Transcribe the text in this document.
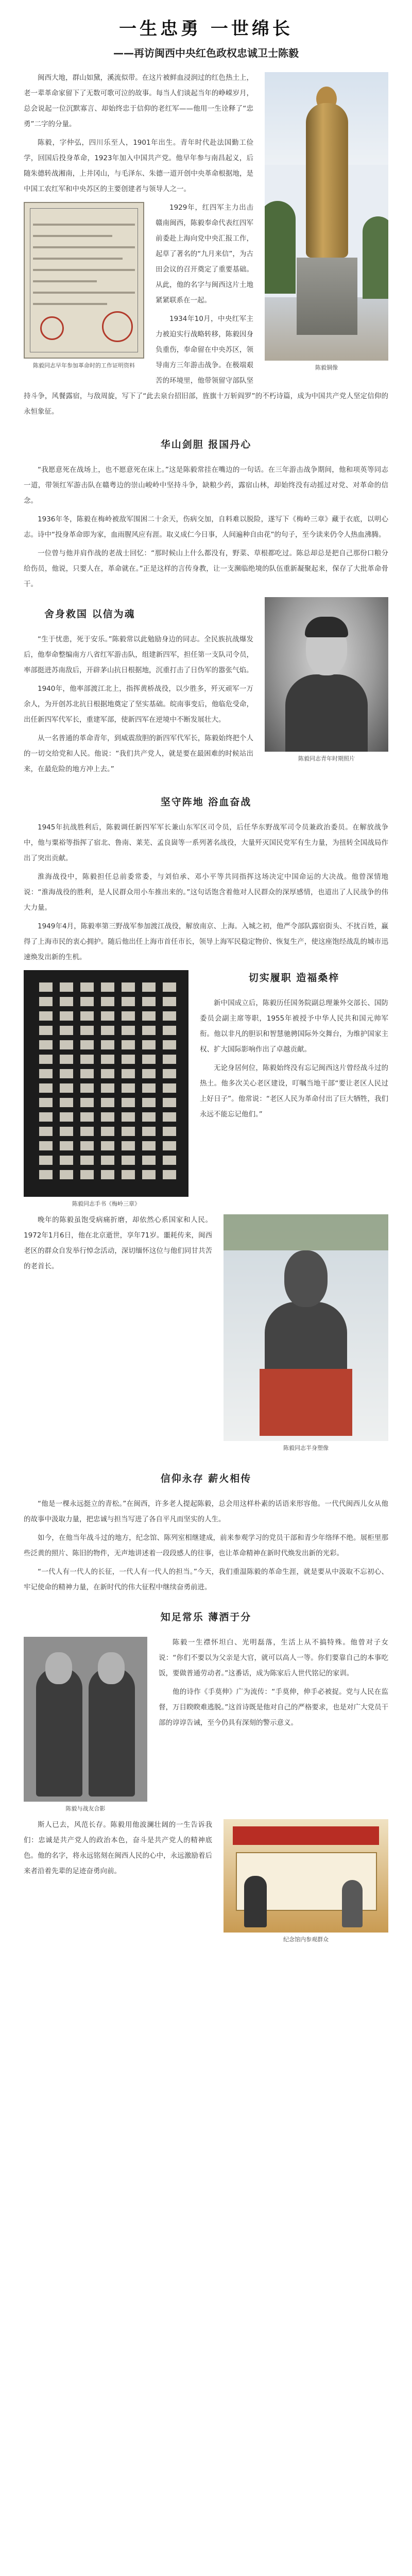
一生忠勇 一世绵长
——再访闽西中央红色政权忠诚卫士陈毅
陈毅铜像

闽西大地，群山如黛，溪流似带。在这片被鲜血浸润过的红色热土上，老一辈革命家留下了无数可歌可泣的故事。每当人们谈起当年的峥嵘岁月，总会说起一位沉默寡言、却始终忠于信仰的老红军——他用一生诠释了“忠勇”二字的分量。

陈毅，字仲弘，四川乐至人，1901年出生。青年时代赴法国勤工俭学，回国后投身革命，1923年加入中国共产党。他早年参与南昌起义，后随朱德转战湘南，上井冈山，与毛泽东、朱德一道开创中央革命根据地，是中国工农红军和中央苏区的主要创建者与领导人之一。

陈毅同志早年参加革命时的工作证明资料

1929年，红四军主力出击赣南闽西，陈毅奉命代表红四军前委赴上海向党中央汇报工作，起草了著名的“九月来信”，为古田会议的召开奠定了重要基础。从此，他的名字与闽西这片土地紧紧联系在一起。

1934年10月，中央红军主力被迫实行战略转移，陈毅因身负重伤，奉命留在中央苏区，领导南方三年游击战争。在极端艰苦的环境里，他带领留守部队坚持斗争，风餐露宿，与敌周旋，写下了“此去泉台招旧部，旌旗十万斩阎罗”的不朽诗篇，成为中国共产党人坚定信仰的永恒象征。

华山剑胆 报国丹心

“我愿意死在战场上，也不愿意死在床上。”这是陈毅常挂在嘴边的一句话。在三年游击战争期间，他和项英等同志一道，带领红军游击队在赣粤边的崇山峻岭中坚持斗争，缺粮少药，露宿山林，却始终没有动摇过对党、对革命的信念。

1936年冬，陈毅在梅岭被敌军围困二十余天，伤病交加，自料难以脱险，遂写下《梅岭三章》藏于衣底，以明心志。诗中“投身革命即为家，血雨腥风应有涯。取义成仁今日事，人间遍种自由花”的句子，至今读来仍令人热血沸腾。

一位曾与他并肩作战的老战士回忆：“那时候山上什么都没有，野菜、草根都吃过。陈总却总是把自己那份口粮分给伤员，他说，只要人在，革命就在。”正是这样的言传身教，让一支濒临绝境的队伍重新凝聚起来，保存了大批革命骨干。

陈毅同志青年时期照片
舍身救国 以信为魂

“生于忧患，死于安乐。”陈毅常以此勉励身边的同志。全民族抗战爆发后，他奉命整编南方八省红军游击队，组建新四军，担任第一支队司令员，率部挺进苏南敌后，开辟茅山抗日根据地，沉重打击了日伪军的嚣张气焰。

1940年，他率部渡江北上，指挥黄桥战役，以少胜多，歼灭顽军一万余人，为开创苏北抗日根据地奠定了坚实基础。皖南事变后，他临危受命，出任新四军代军长，重建军部，使新四军在逆境中不断发展壮大。

从一名普通的革命青年，到威震敌胆的新四军代军长，陈毅始终把个人的一切交给党和人民。他说：“我们共产党人，就是要在最困难的时候站出来，在最危险的地方冲上去。”

坚守阵地 浴血奋战

1945年抗战胜利后，陈毅调任新四军军长兼山东军区司令员，后任华东野战军司令员兼政治委员。在解放战争中，他与粟裕等指挥了宿北、鲁南、莱芜、孟良崮等一系列著名战役，大量歼灭国民党军有生力量，为扭转全国战局作出了突出贡献。

淮海战役中，陈毅担任总前委常委，与刘伯承、邓小平等共同指挥这场决定中国命运的大决战。他曾深情地说：“淮海战役的胜利，是人民群众用小车推出来的。”这句话饱含着他对人民群众的深厚感情，也道出了人民战争的伟大力量。

1949年4月，陈毅率第三野战军参加渡江战役，解放南京、上海。入城之初，他严令部队露宿街头、不扰百姓，赢得了上海市民的衷心拥护。随后他出任上海市首任市长，领导上海军民稳定物价、恢复生产，使这座饱经战乱的城市迅速焕发出新的生机。

陈毅同志手书《梅岭三章》
切实履职 造福桑梓

新中国成立后，陈毅历任国务院副总理兼外交部长、国防委员会副主席等职，1955年被授予中华人民共和国元帅军衔。他以非凡的胆识和智慧驰骋国际外交舞台，为维护国家主权、扩大国际影响作出了卓越贡献。

无论身居何位，陈毅始终没有忘记闽西这片曾经战斗过的热土。他多次关心老区建设，叮嘱当地干部“要让老区人民过上好日子”。他常说：“老区人民为革命付出了巨大牺牲，我们永远不能忘记他们。”

陈毅同志半身塑像

晚年的陈毅虽饱受病痛折磨，却依然心系国家和人民。1972年1月6日，他在北京逝世，享年71岁。噩耗传来，闽西老区的群众自发举行悼念活动，深切缅怀这位与他们同甘共苦的老首长。

信仰永存 薪火相传

“他是一棵永远挺立的青松。”在闽西，许多老人提起陈毅，总会用这样朴素的话语来形容他。一代代闽西儿女从他的故事中汲取力量，把忠诚与担当写进了各自平凡而坚实的人生。

如今，在他当年战斗过的地方，纪念馆、陈列室相继建成，前来参观学习的党员干部和青少年络绎不绝。展柜里那些泛黄的照片、陈旧的物件，无声地讲述着一段段感人的往事，也让革命精神在新时代焕发出新的光彩。

“一代人有一代人的长征，一代人有一代人的担当。”今天，我们重温陈毅的革命生涯，就是要从中汲取不忘初心、牢记使命的精神力量，在新时代的伟大征程中继续奋勇前进。

知足常乐 薄洒于分
陈毅与战友合影

陈毅一生襟怀坦白、光明磊落，生活上从不搞特殊。他曾对子女说：“你们不要以为父亲是大官，就可以高人一等。你们要靠自己的本事吃饭，要做普通劳动者。”这番话，成为陈家后人世代铭记的家训。

他的诗作《手莫伸》广为流传：“手莫伸，伸手必被捉。党与人民在监督，万目睽睽难逃脱。”这首诗既是他对自己的严格要求，也是对广大党员干部的谆谆告诫，至今仍具有深刻的警示意义。

纪念馆内参观群众

斯人已去，风范长存。陈毅用他波澜壮阔的一生告诉我们：忠诚是共产党人的政治本色，奋斗是共产党人的精神底色。他的名字，将永远铭刻在闽西人民的心中，永远激励着后来者沿着先辈的足迹奋勇向前。
